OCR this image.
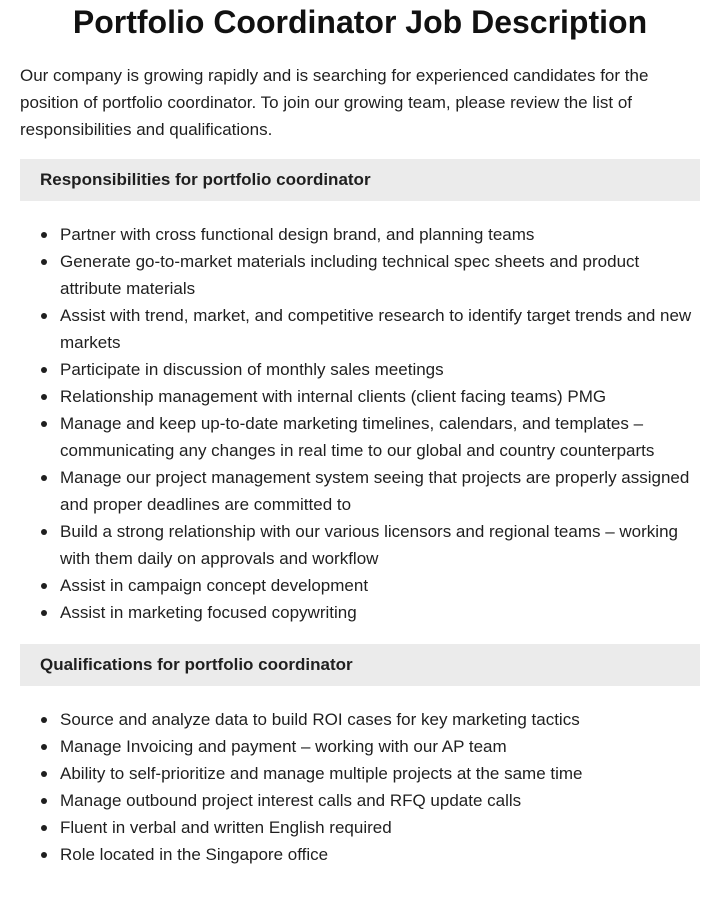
Portfolio Coordinator Job Description

Our company is growing rapidly and is searching for experienced candidates for the position of portfolio coordinator. To join our growing team, please review the list of responsibilities and qualifications.

Responsibilities for portfolio coordinator
Partner with cross functional design brand, and planning teams
Generate go-to-market materials including technical spec sheets and product attribute materials
Assist with trend, market, and competitive research to identify target trends and new markets
Participate in discussion of monthly sales meetings
Relationship management with internal clients (client facing teams) PMG
Manage and keep up-to-date marketing timelines, calendars, and templates – communicating any changes in real time to our global and country counterparts
Manage our project management system seeing that projects are properly assigned and proper deadlines are committed to
Build a strong relationship with our various licensors and regional teams – working with them daily on approvals and workflow
Assist in campaign concept development
Assist in marketing focused copywriting
Qualifications for portfolio coordinator
Source and analyze data to build ROI cases for key marketing tactics
Manage Invoicing and payment – working with our AP team
Ability to self-prioritize and manage multiple projects at the same time
Manage outbound project interest calls and RFQ update calls
Fluent in verbal and written English required
Role located in the Singapore office
